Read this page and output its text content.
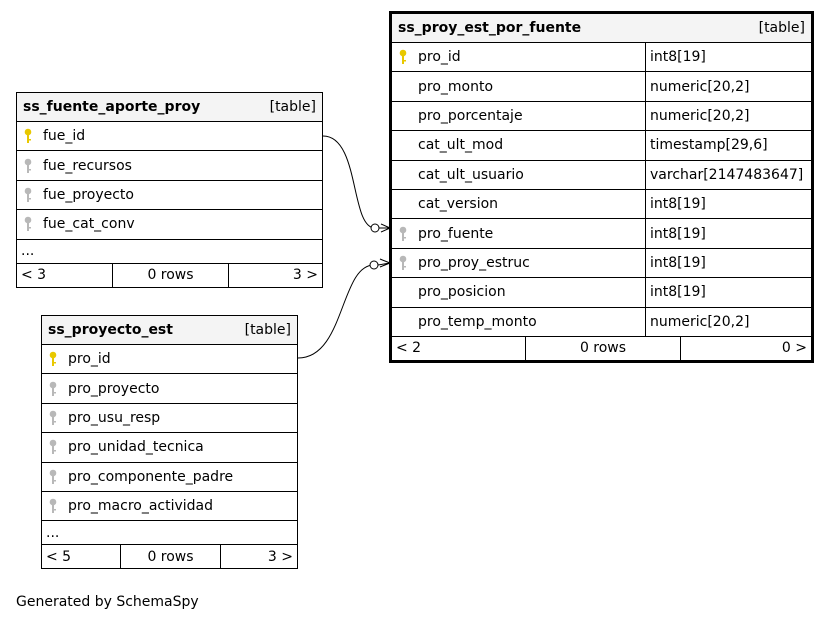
ss_fuente_aporte_proy	[table]
fue_id
fue_recursos
fue_proyecto
fue_cat_conv
...
< 3	0 rows	3 >
ss_proyecto_est	[table]
pro_id
pro_proyecto
pro_usu_resp
pro_unidad_tecnica
pro_componente_padre
pro_macro_actividad
...
< 5	0 rows	3 >
ss_proy_est_por_fuente	[table]
pro_id	int8[19]
pro_monto	numeric[20,2]
pro_porcentaje	numeric[20,2]
cat_ult_mod	timestamp[29,6]
cat_ult_usuario	varchar[2147483647]
cat_version	int8[19]
pro_fuente	int8[19]
pro_proy_estruc	int8[19]
pro_posicion	int8[19]
pro_temp_monto	numeric[20,2]
< 2	0 rows	0 >
Generated by SchemaSpy
